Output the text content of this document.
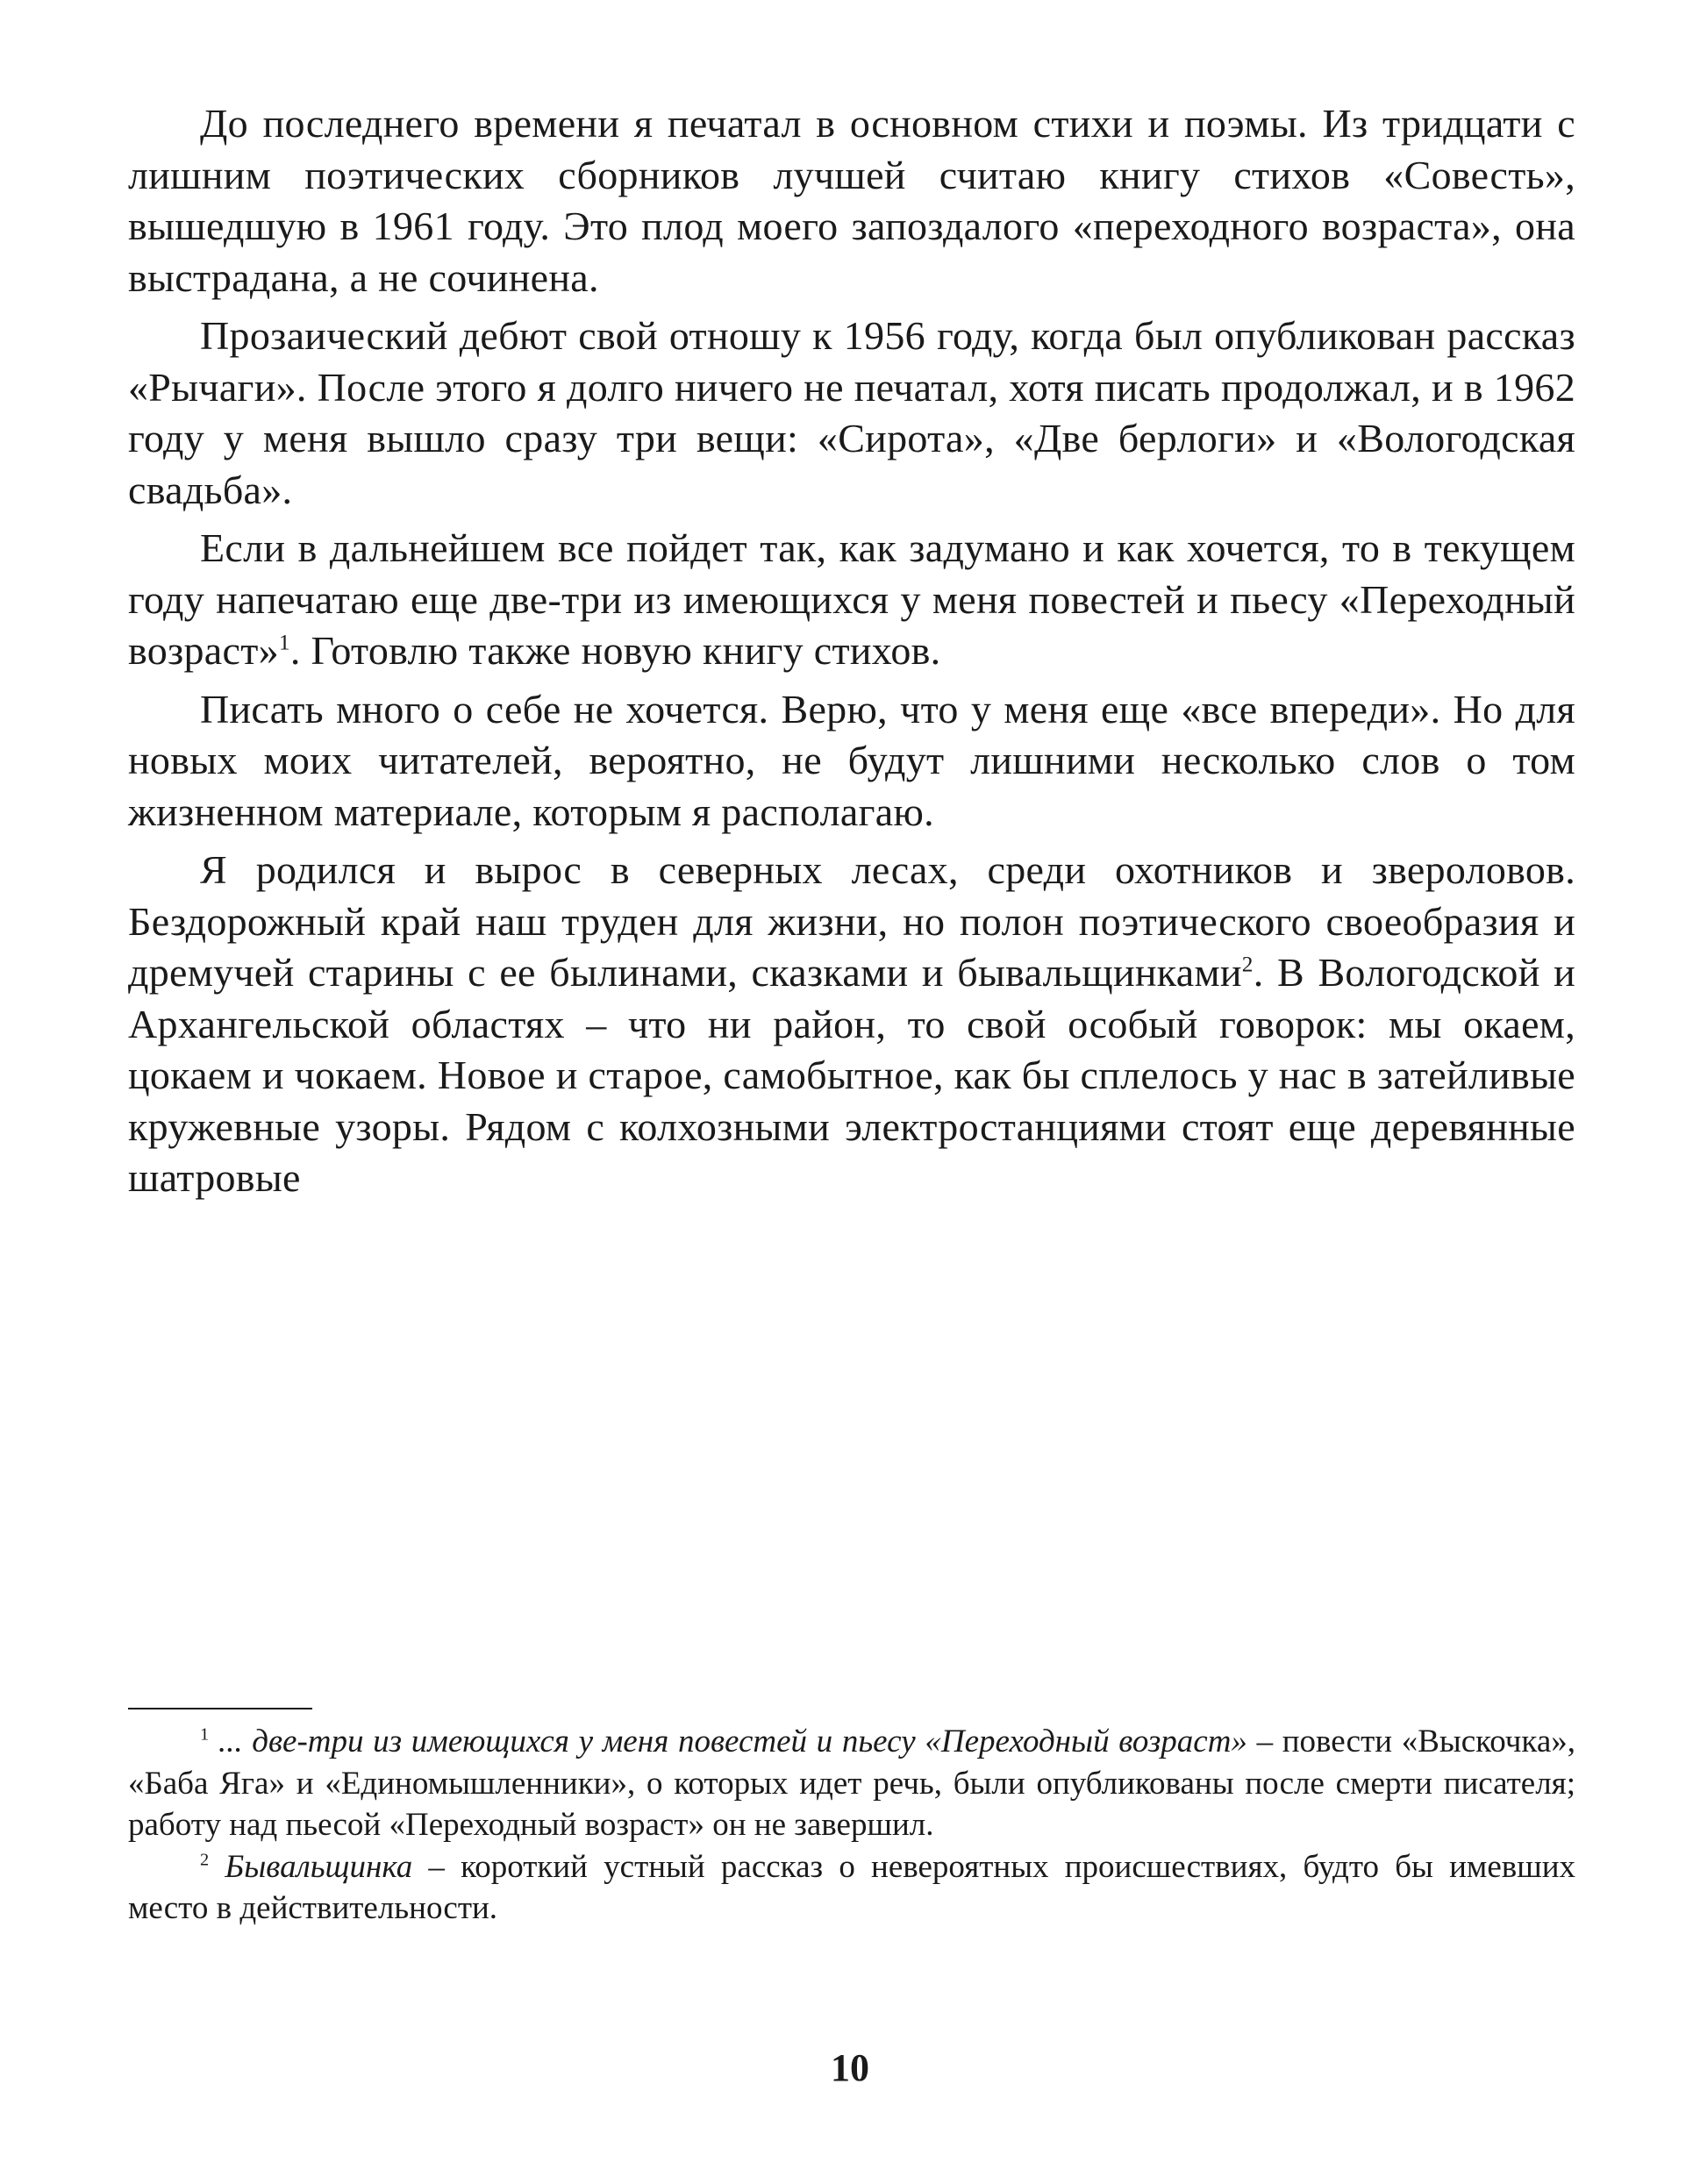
До последнего времени я печатал в основном стихи и поэмы. Из тридцати с лишним поэтических сборников лучшей считаю книгу стихов «Совесть», вышедшую в 1961 году. Это плод моего запоздалого «переходного возраста», она выстрадана, а не сочинена.

Прозаический дебют свой отношу к 1956 году, когда был опубликован рассказ «Рычаги». После этого я долго ничего не печатал, хотя писать продолжал, и в 1962 году у меня вышло сразу три вещи: «Сирота», «Две берлоги» и «Вологодская свадьба».

Если в дальнейшем все пойдет так, как задумано и как хочется, то в текущем году напечатаю еще две-три из имеющихся у меня повестей и пьесу «Переходный возраст»$^1$. Готовлю также новую книгу стихов.

Писать много о себе не хочется. Верю, что у меня еще «все впереди». Но для новых моих читателей, вероятно, не будут лишними несколько слов о том жизненном материале, которым я располагаю.

Я родился и вырос в северных лесах, среди охотников и звероловов. Бездорожный край наш труден для жизни, но полон поэтического своеобразия и дремучей старины с ее былинами, сказками и бывальщинками$^2$. В Вологодской и Архангельской областях – что ни район, то свой особый говорок: мы окаем, цокаем и чокаем. Новое и старое, самобытное, как бы сплелось у нас в затейливые кружевные узоры. Рядом с колхозными электростанциями стоят еще деревянные шатровые

$^1$ ... две-три из имеющихся у меня повестей и пьесу «Переходный возраст» – повести «Выскочка», «Баба Яга» и «Единомышленники», о которых идет речь, были опубликованы после смерти писателя; работу над пьесой «Переходный возраст» он не завершил.

$^2$ Бывальщинка – короткий устный рассказ о невероятных происшествиях, будто бы имевших место в действительности.

10
